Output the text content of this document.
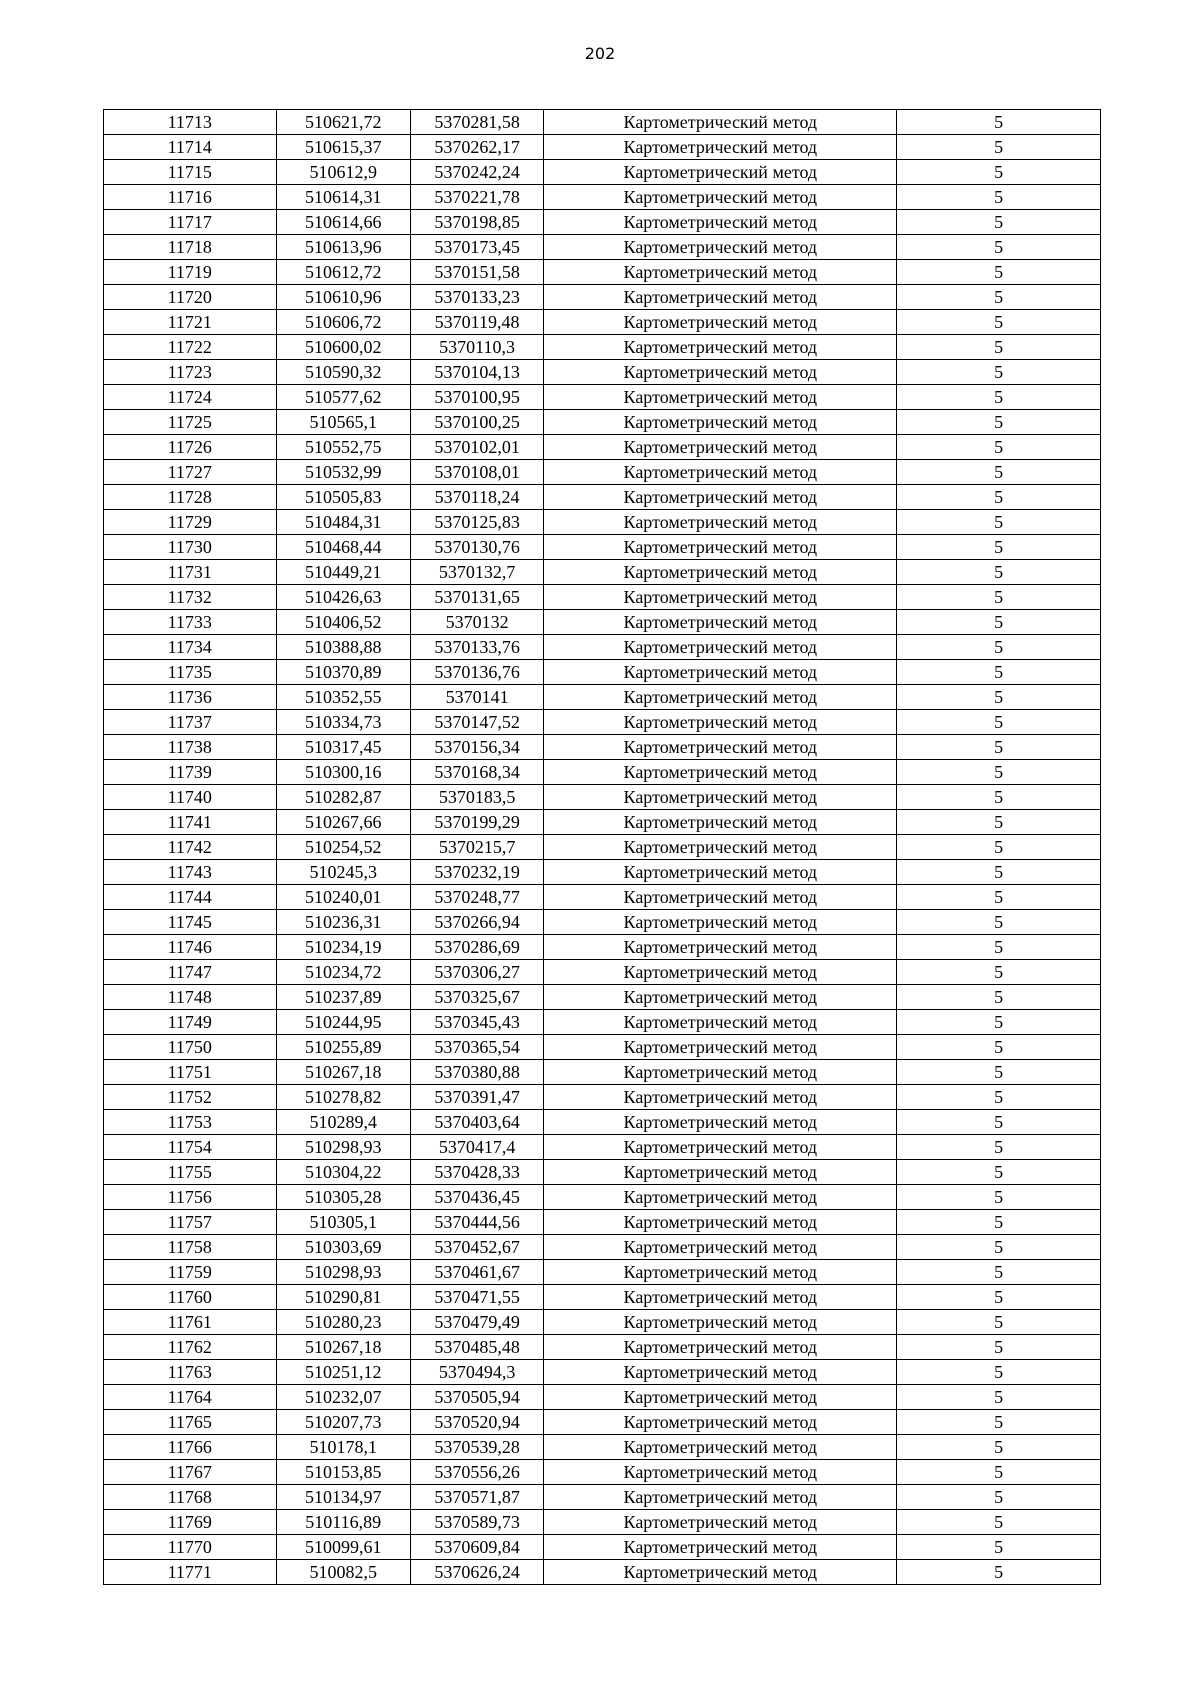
202
11713	510621,72	5370281,58	Картометрический метод	5
11714	510615,37	5370262,17	Картометрический метод	5
11715	510612,9	5370242,24	Картометрический метод	5
11716	510614,31	5370221,78	Картометрический метод	5
11717	510614,66	5370198,85	Картометрический метод	5
11718	510613,96	5370173,45	Картометрический метод	5
11719	510612,72	5370151,58	Картометрический метод	5
11720	510610,96	5370133,23	Картометрический метод	5
11721	510606,72	5370119,48	Картометрический метод	5
11722	510600,02	5370110,3	Картометрический метод	5
11723	510590,32	5370104,13	Картометрический метод	5
11724	510577,62	5370100,95	Картометрический метод	5
11725	510565,1	5370100,25	Картометрический метод	5
11726	510552,75	5370102,01	Картометрический метод	5
11727	510532,99	5370108,01	Картометрический метод	5
11728	510505,83	5370118,24	Картометрический метод	5
11729	510484,31	5370125,83	Картометрический метод	5
11730	510468,44	5370130,76	Картометрический метод	5
11731	510449,21	5370132,7	Картометрический метод	5
11732	510426,63	5370131,65	Картометрический метод	5
11733	510406,52	5370132	Картометрический метод	5
11734	510388,88	5370133,76	Картометрический метод	5
11735	510370,89	5370136,76	Картометрический метод	5
11736	510352,55	5370141	Картометрический метод	5
11737	510334,73	5370147,52	Картометрический метод	5
11738	510317,45	5370156,34	Картометрический метод	5
11739	510300,16	5370168,34	Картометрический метод	5
11740	510282,87	5370183,5	Картометрический метод	5
11741	510267,66	5370199,29	Картометрический метод	5
11742	510254,52	5370215,7	Картометрический метод	5
11743	510245,3	5370232,19	Картометрический метод	5
11744	510240,01	5370248,77	Картометрический метод	5
11745	510236,31	5370266,94	Картометрический метод	5
11746	510234,19	5370286,69	Картометрический метод	5
11747	510234,72	5370306,27	Картометрический метод	5
11748	510237,89	5370325,67	Картометрический метод	5
11749	510244,95	5370345,43	Картометрический метод	5
11750	510255,89	5370365,54	Картометрический метод	5
11751	510267,18	5370380,88	Картометрический метод	5
11752	510278,82	5370391,47	Картометрический метод	5
11753	510289,4	5370403,64	Картометрический метод	5
11754	510298,93	5370417,4	Картометрический метод	5
11755	510304,22	5370428,33	Картометрический метод	5
11756	510305,28	5370436,45	Картометрический метод	5
11757	510305,1	5370444,56	Картометрический метод	5
11758	510303,69	5370452,67	Картометрический метод	5
11759	510298,93	5370461,67	Картометрический метод	5
11760	510290,81	5370471,55	Картометрический метод	5
11761	510280,23	5370479,49	Картометрический метод	5
11762	510267,18	5370485,48	Картометрический метод	5
11763	510251,12	5370494,3	Картометрический метод	5
11764	510232,07	5370505,94	Картометрический метод	5
11765	510207,73	5370520,94	Картометрический метод	5
11766	510178,1	5370539,28	Картометрический метод	5
11767	510153,85	5370556,26	Картометрический метод	5
11768	510134,97	5370571,87	Картометрический метод	5
11769	510116,89	5370589,73	Картометрический метод	5
11770	510099,61	5370609,84	Картометрический метод	5
11771	510082,5	5370626,24	Картометрический метод	5
